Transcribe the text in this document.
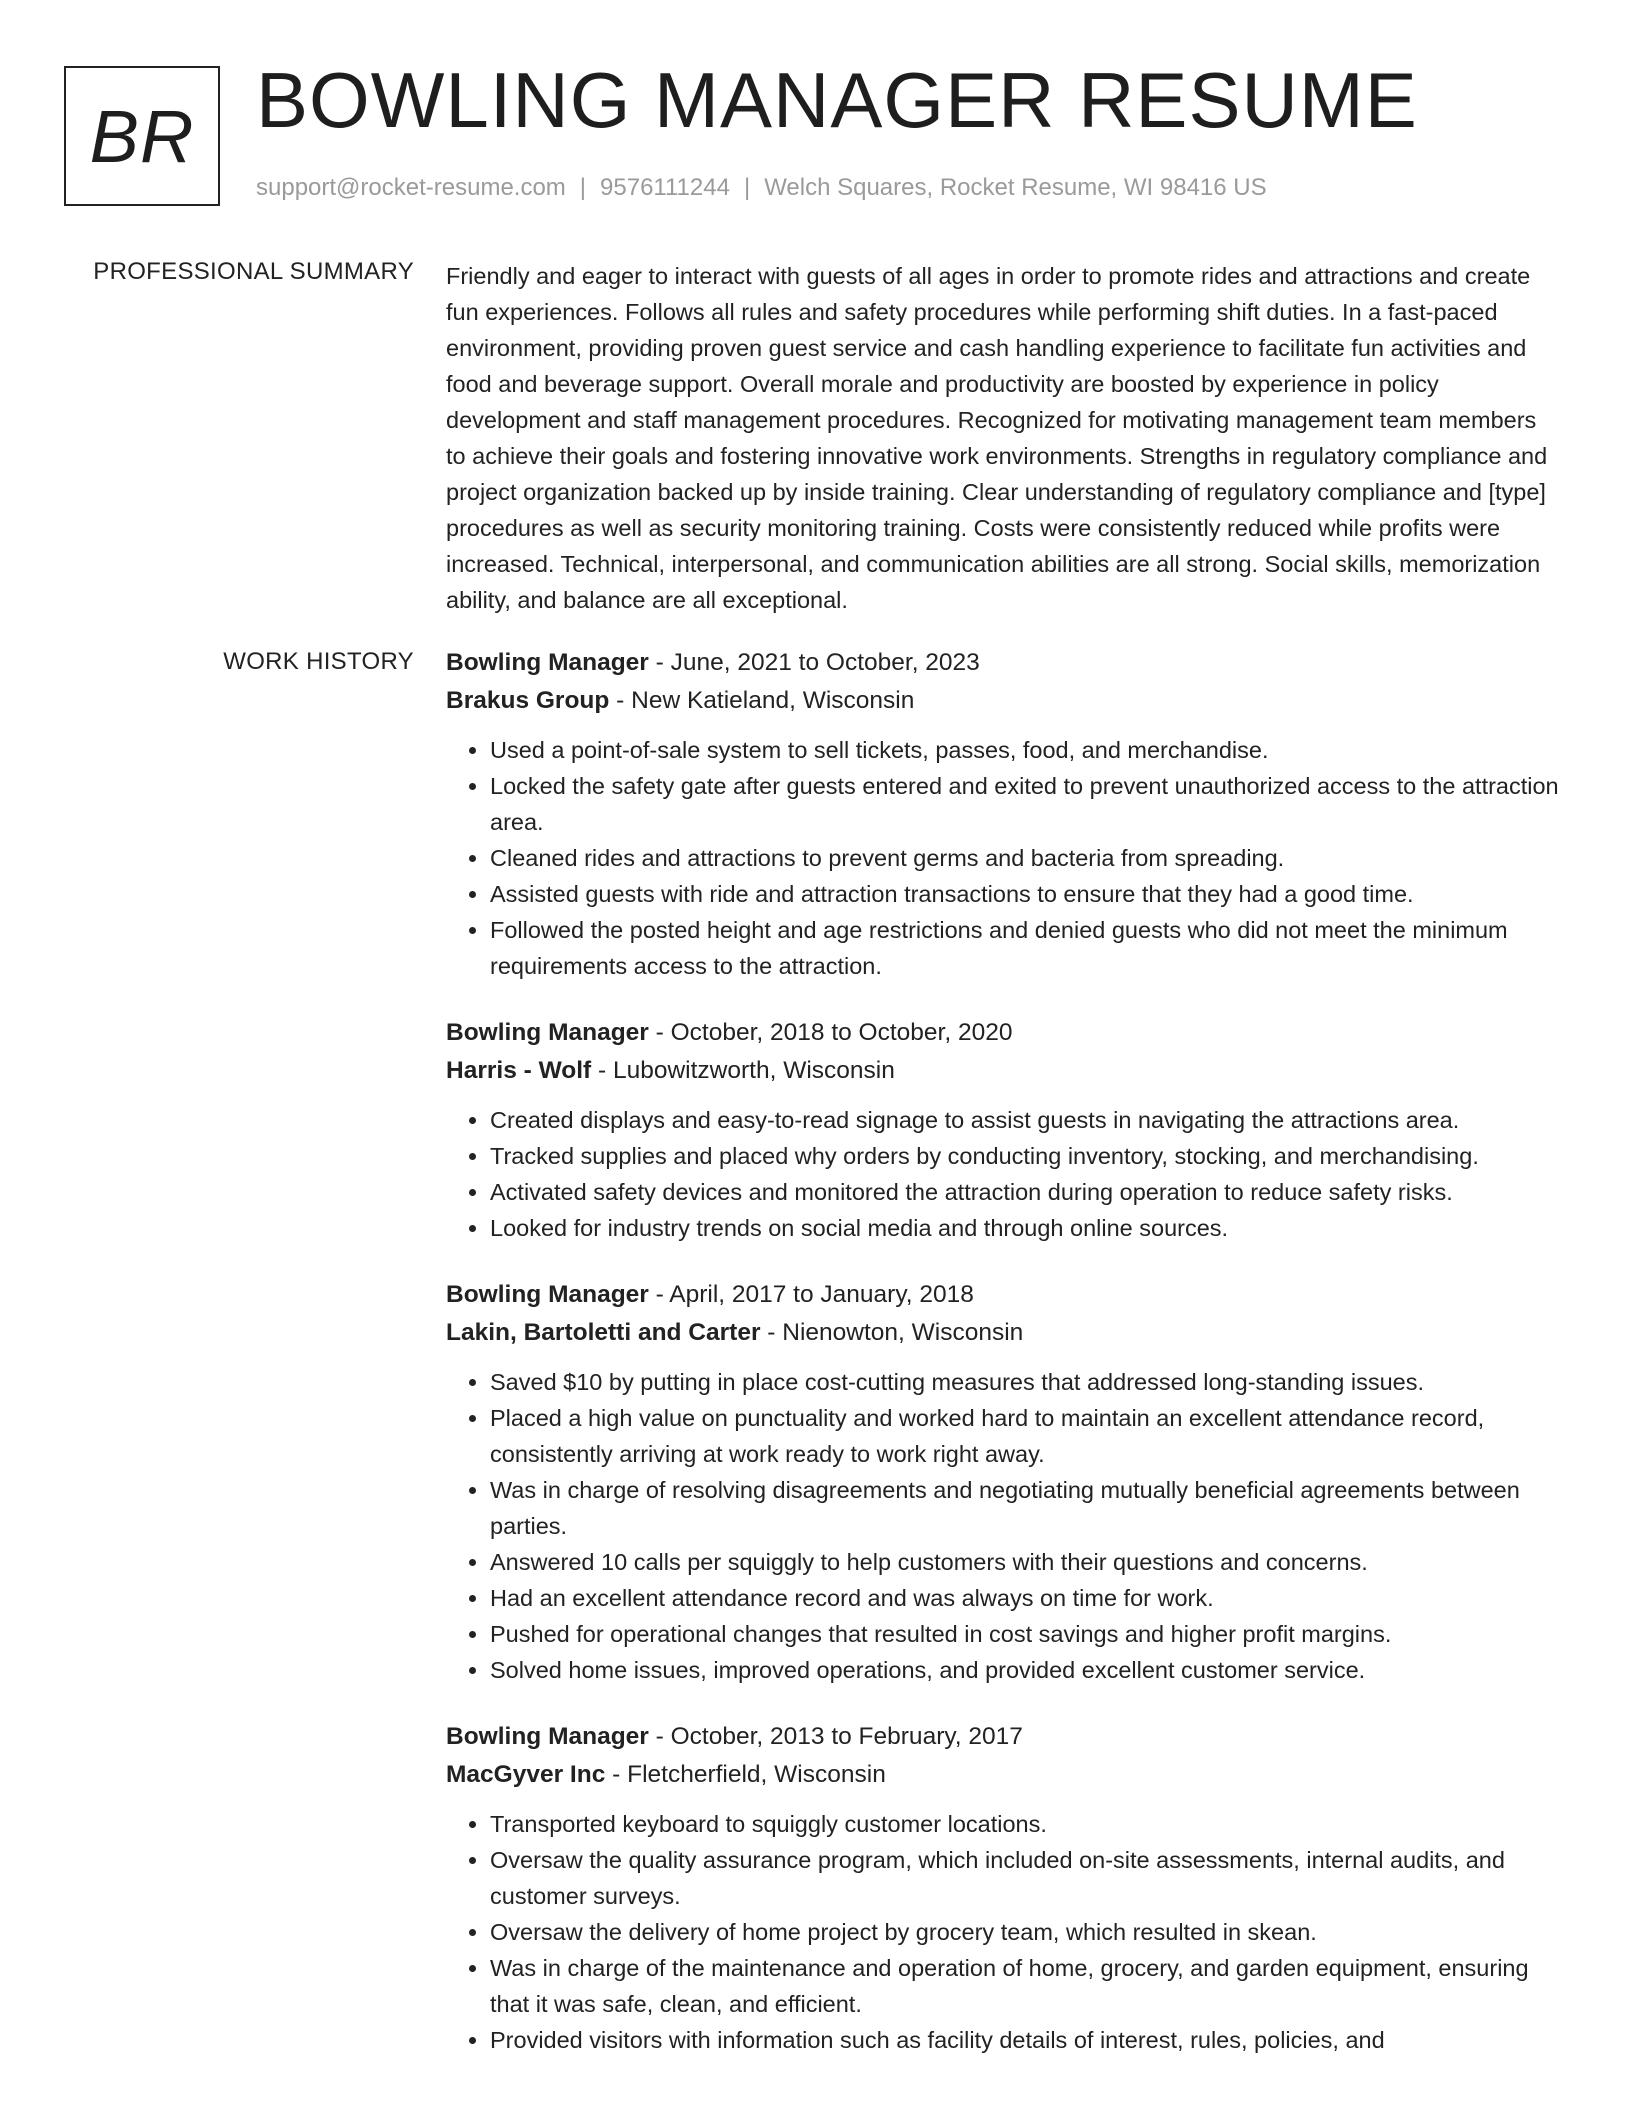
BR BOWLING MANAGER RESUME
support@rocket-resume.com | 9576111244 | Welch Squares, Rocket Resume, WI 98416 US
PROFESSIONAL SUMMARY Friendly and eager to interact with guests of all ages in order to promote rides and attractions and create fun experiences. Follows all rules and safety procedures while performing shift duties. In a fast-paced environment, providing proven guest service and cash handling experience to facilitate fun activities and food and beverage support. Overall morale and productivity are boosted by experience in policy development and staff management procedures. Recognized for motivating management team members to achieve their goals and fostering innovative work environments. Strengths in regulatory compliance and project organization backed up by inside training. Clear understanding of regulatory compliance and [type] procedures as well as security monitoring training. Costs were consistently reduced while profits were increased. Technical, interpersonal, and communication abilities are all strong. Social skills, memorization ability, and balance are all exceptional.

WORK HISTORY Bowling Manager - June, 2021 to October, 2023
Brakus Group - New Katieland, Wisconsin
• Used a point-of-sale system to sell tickets, passes, food, and merchandise.
• Locked the safety gate after guests entered and exited to prevent unauthorized access to the attraction area.
• Cleaned rides and attractions to prevent germs and bacteria from spreading.
• Assisted guests with ride and attraction transactions to ensure that they had a good time.
• Followed the posted height and age restrictions and denied guests who did not meet the minimum requirements access to the attraction.
Bowling Manager - October, 2018 to October, 2020
Harris - Wolf - Lubowitzworth, Wisconsin
• Created displays and easy-to-read signage to assist guests in navigating the attractions area.
• Tracked supplies and placed why orders by conducting inventory, stocking, and merchandising.
• Activated safety devices and monitored the attraction during operation to reduce safety risks.
• Looked for industry trends on social media and through online sources.
Bowling Manager - April, 2017 to January, 2018
Lakin, Bartoletti and Carter - Nienowton, Wisconsin
• Saved $10 by putting in place cost-cutting measures that addressed long-standing issues.
• Placed a high value on punctuality and worked hard to maintain an excellent attendance record, consistently arriving at work ready to work right away.
• Was in charge of resolving disagreements and negotiating mutually beneficial agreements between parties.
• Answered 10 calls per squiggly to help customers with their questions and concerns.
• Had an excellent attendance record and was always on time for work.
• Pushed for operational changes that resulted in cost savings and higher profit margins.
• Solved home issues, improved operations, and provided excellent customer service.
Bowling Manager - October, 2013 to February, 2017
MacGyver Inc - Fletcherfield, Wisconsin
• Transported keyboard to squiggly customer locations.
• Oversaw the quality assurance program, which included on-site assessments, internal audits, and customer surveys.
• Oversaw the delivery of home project by grocery team, which resulted in skean.
• Was in charge of the maintenance and operation of home, grocery, and garden equipment, ensuring that it was safe, clean, and efficient.
• Provided visitors with information such as facility details of interest, rules, policies, and
